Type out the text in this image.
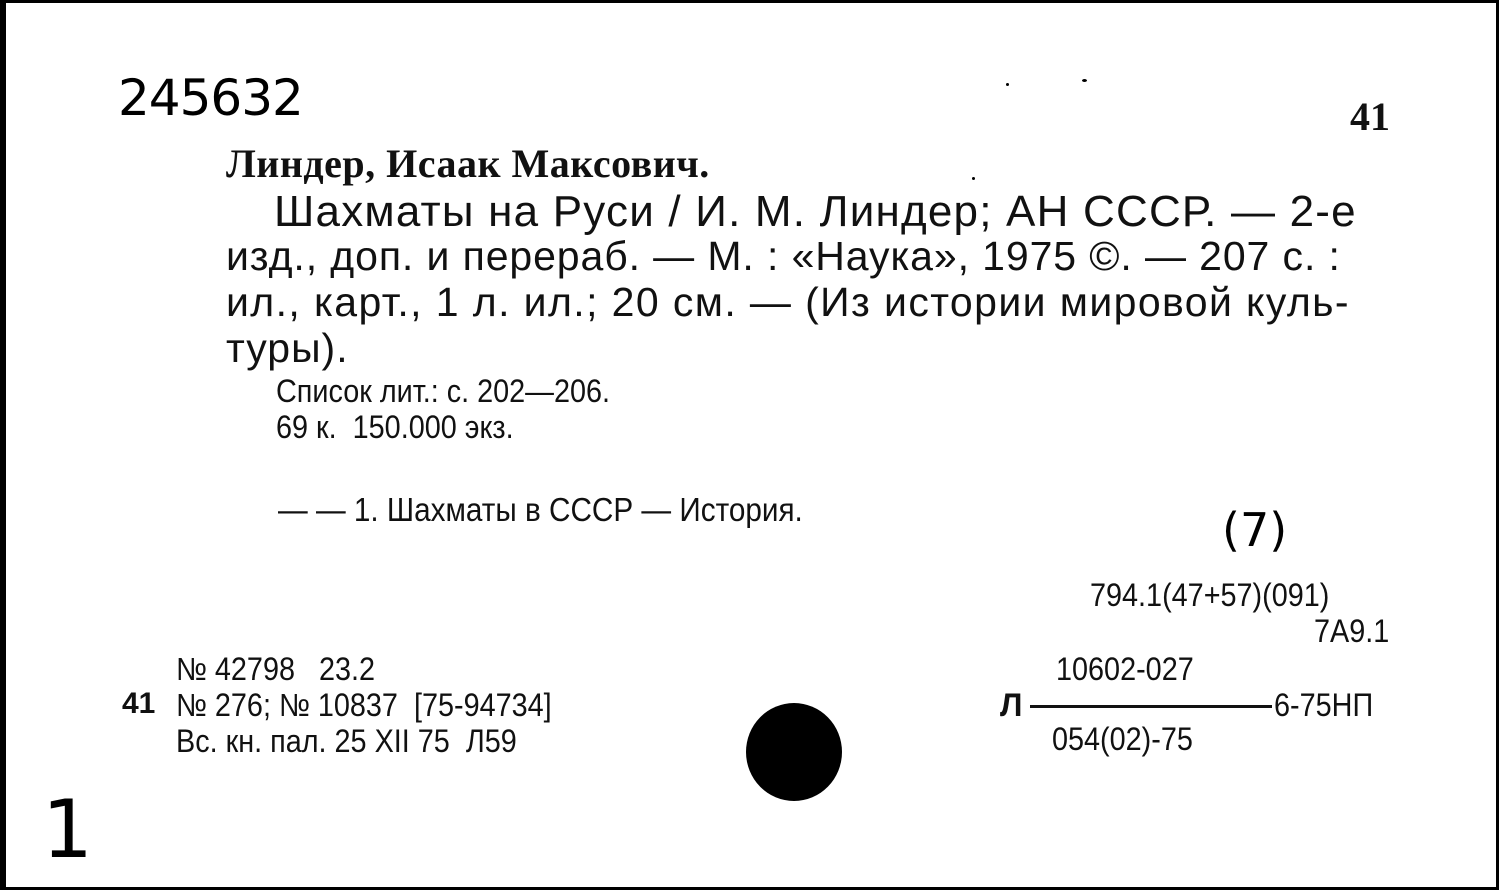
245632	41
Линдер, Исаак Максович.
Шахматы на Руси / И. М. Линдер; АН СССР. — 2-е
изд., доп. и перераб. — М. : «Наука», 1975 ©. — 207 с. :
ил., карт., 1 л. ил.; 20 см. — (Из истории мировой куль-
туры).
Список лит.: с. 202—206.
69 к.  150.000 экз.
— — 1. Шахматы в СССР — История.	(7)
794.1(47+57)(091)
7А9.1
10602-027
Л	6-75НП
054(02)-75
№ 42798   23.2
41 № 276; № 10837  [75-94734]
Вс. кн. пал. 25 XII 75  Л59
1
